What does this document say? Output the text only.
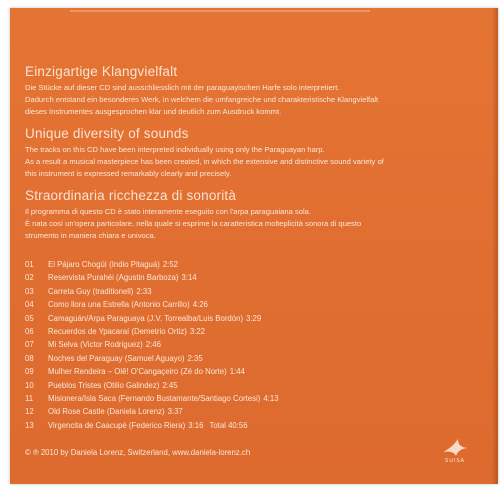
Einzigartige Klangvielfalt

Die Stücke auf dieser CD sind ausschliesslich mit der paraguayischen Harfe solo interpretiert.
Dadurch entstand ein besonderes Werk, in welchem die umfangreiche und charakteristische Klangvielfalt
dieses Instrumentes ausgesprochen klar und deutlich zum Ausdruck kommt.

Unique diversity of sounds

The tracks on this CD have been interpreted individually using only the Paraguayan harp.
As a result a musical masterpiece has been created, in which the extensive and distinctive sound variety of
this instrument is expressed remarkably clearly and precisely.

Straordinaria ricchezza di sonorità

Il programma di questo CD è stato interamente eseguito con l'arpa paraguaiana sola.
È nata così un'opera particolare, nella quale si esprime la caratteristica molteplicità sonora di questo
strumento in maniera chiara e univoca.

01	El Pájaro Chogüí (Indio Pitaguá) 2:52
02	Reservista Purahéi (Agustin Barboza) 3:14
03	Carreta Guy (traditionell) 2:33
04	Como llora una Estrella (Antonio Carrillo) 4:26
05	Camaguán/Arpa Paraguaya (J.V. Torrealba/Luis Bordón) 3:29
06	Recuerdos de Ypacaraí (Demetrio Ortiz) 3:22
07	Mi Selva (Victor Rodriguez) 2:46
08	Noches del Paraguay (Samuel Aguayo) 2:35
09	Mulher Rendeira – Olê! O'Cangaçeiro (Zé do Norte) 1:44
10	Pueblos Tristes (Otilio Galindez) 2:45
11	Misionera/Isla Saca (Fernando Bustamante/Santiago Cortesi) 4:13
12	Old Rose Castle (Daniela Lorenz) 3:37
13	Virgencita de Caacupé (Federico Riera) 3:16 Total 40:56
© ℗ 2010 by Daniela Lorenz, Switzerland, www.daniela-lorenz.ch
SUISA
